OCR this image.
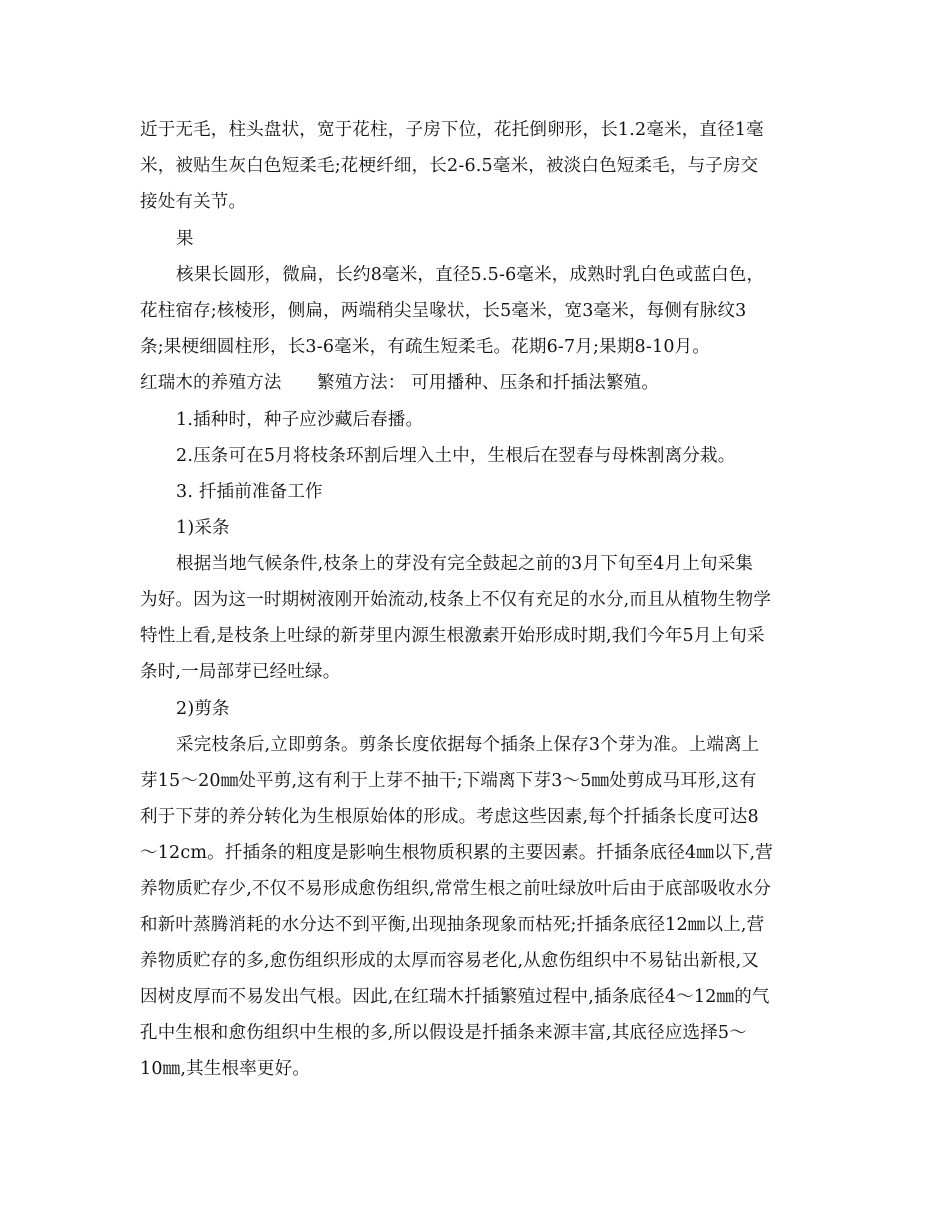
近于无毛，柱头盘状，宽于花柱，子房下位，花托倒卵形，长1.2毫米，直径1毫
米，被贴生灰白色短柔毛;花梗纤细，长2-6.5毫米，被淡白色短柔毛，与子房交
接处有关节。
果
核果长圆形，微扁，长约8毫米，直径5.5-6毫米，成熟时乳白色或蓝白色，
花柱宿存;核棱形，侧扁，两端稍尖呈喙状，长5毫米，宽3毫米，每侧有脉纹3
条;果梗细圆柱形，长3-6毫米，有疏生短柔毛。花期6-7月;果期8-10月。
红瑞木的养殖方法　　繁殖方法： 可用播种、压条和扦插法繁殖。
1.插种时，种子应沙藏后春播。
2.压条可在5月将枝条环割后埋入土中，生根后在翌春与母株割离分栽。
3. 扦插前准备工作
1)采条
根据当地气候条件,枝条上的芽没有完全鼓起之前的3月下旬至4月上旬采集
为好。因为这一时期树液刚开始流动,枝条上不仅有充足的水分,而且从植物生物学
特性上看,是枝条上吐绿的新芽里内源生根激素开始形成时期,我们今年5月上旬采
条时,一局部芽已经吐绿。
2)剪条
采完枝条后,立即剪条。剪条长度依据每个插条上保存3个芽为准。上端离上
芽15～20㎜处平剪,这有利于上芽不抽干;下端离下芽3～5㎜处剪成马耳形,这有
利于下芽的养分转化为生根原始体的形成。考虑这些因素,每个扦插条长度可达8
～12cm。扦插条的粗度是影响生根物质积累的主要因素。扦插条底径4㎜以下,营
养物质贮存少,不仅不易形成愈伤组织,常常生根之前吐绿放叶后由于底部吸收水分
和新叶蒸腾消耗的水分达不到平衡,出现抽条现象而枯死;扦插条底径12㎜以上,营
养物质贮存的多,愈伤组织形成的太厚而容易老化,从愈伤组织中不易钻出新根,又
因树皮厚而不易发出气根。因此,在红瑞木扦插繁殖过程中,插条底径4～12㎜的气
孔中生根和愈伤组织中生根的多,所以假设是扦插条来源丰富,其底径应选择5～
10㎜,其生根率更好。
